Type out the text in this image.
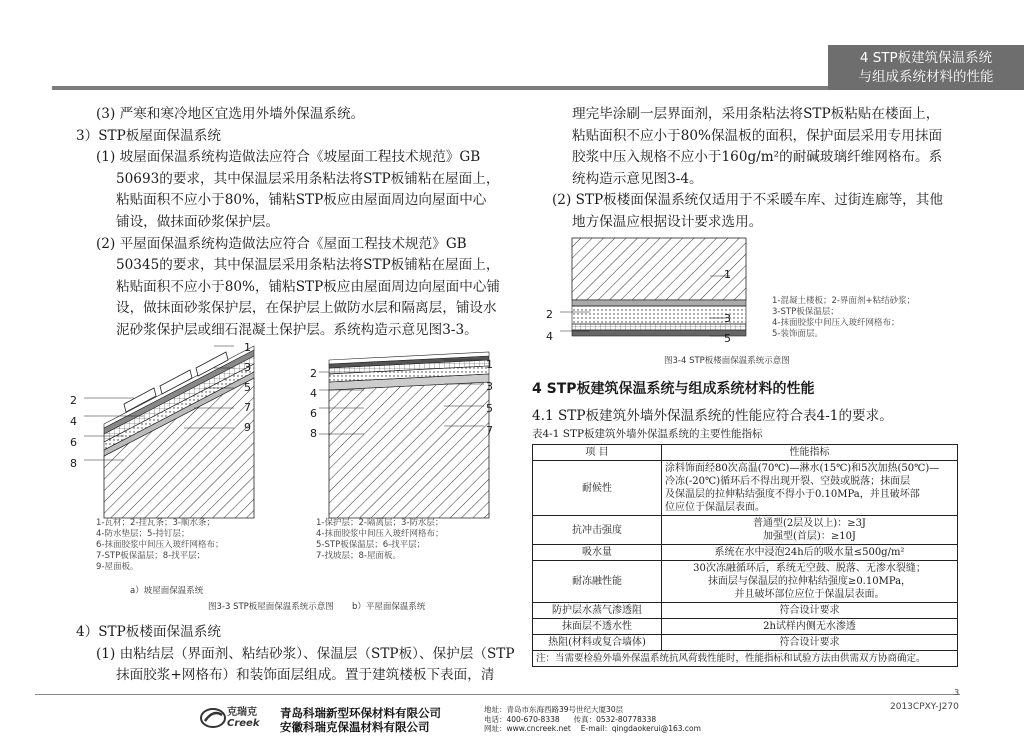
4 STP板建筑保温系统
与组成系统材料的性能

(3) 严寒和寒冷地区宜选用外墙外保温系统。

3）STP板屋面保温系统

(1) 坡屋面保温系统构造做法应符合《坡屋面工程技术规范》GB

50693的要求，其中保温层采用条粘法将STP板铺粘在屋面上，

粘贴面积不应小于80%，铺粘STP板应由屋面周边向屋面中心

铺设，做抹面砂浆保护层。

(2) 平屋面保温系统构造做法应符合《屋面工程技术规范》GB

50345的要求，其中保温层采用条粘法将STP板铺粘在屋面上，

粘贴面积不应小于80%，铺粘STP板应由屋面周边向屋面中心铺

设，做抹面砂浆保护层，在保护层上做防水层和隔离层，铺设水

泥砂浆保护层或细石混凝土保护层。系统构造示意见图3-3。

1
3
5
7
9
2
4
6
8
1
3
5
7
2
4
6
8
1-瓦材；2-挂瓦条；3-顺水条；
4-防水垫层；5-持钉层；
6-抹面胶浆中间压入玻纤网格布；
7-STP板保温层；8-找平层；
9-屋面板。
1-保护层；2-隔离层；3-防水层；
4-抹面胶浆中间压入玻纤网格布；
5-STP板保温层；6-找平层；
7-找坡层；8-屋面板。
a）坡屋面保温系统
b）平屋面保温系统
图3-3 STP板屋面保温系统示意图

4）STP板楼面保温系统

(1) 由粘结层（界面剂、粘结砂浆）、保温层（STP板）、保护层（STP

抹面胶浆+网格布）和装饰面层组成。置于建筑楼板下表面，清

理完毕涂刷一层界面剂，采用条粘法将STP板粘贴在楼面上，

粘贴面积不应小于80%保温板的面积，保护面层采用专用抹面

胶浆中压入规格不应小于160g/m²的耐碱玻璃纤维网格布。系

统构造示意见图3-4。

(2) STP板楼面保温系统仅适用于不采暖车库、过街连廊等，其他

地方保温应根据设计要求选用。

2
4
1
3
5
1-混凝土楼板；2-界面剂+粘结砂浆；
3-STP板保温层；
4-抹面胶浆中间压入玻纤网格布；
5-装饰面层。
图3-4 STP板楼面保温系统示意图
4 STP板建筑保温系统与组成系统材料的性能
4.1 STP板建筑外墙外保温系统的性能应符合表4-1的要求。
表4-1 STP板建筑外墙外保温系统的主要性能指标
项 目	性能指标
耐候性	涂料饰面经80次高温(70℃)—淋水(15℃)和5次加热(50℃)—
冷冻(-20℃)循环后不得出现开裂、空鼓或脱落；抹面层
及保温层的拉伸粘结强度不得小于0.10MPa，并且破坏部
位应位于保温层表面。

抗冲击强度	普通型(2层及以上)：≥3J
加强型(首层)：≥10J

吸水量	系统在水中浸泡24h后的吸水量≤500g/m²
耐冻融性能	30次冻融循环后，系统无空鼓、脱落、无渗水裂缝；
抹面层与保温层的拉伸粘结强度≥0.10MPa，
并且破坏部位应位于保温层表面。

防护层水蒸气渗透阻	符合设计要求
抹面层不透水性	2h试样内侧无水渗透
热阻(材料或复合墙体)	符合设计要求
注：当需要检验外墙外保温系统抗风荷载性能时，性能指标和试验方法由供需双方协商确定。	
3
2013CPXY-J270
克瑞克
Creek
青岛科瑞新型环保材料有限公司
安徽科瑞克保温材料有限公司
地址：青岛市东海西路39号世纪大厦30层
电话：400-670-8338 传真：0532-80778338
网址：www.cncreek.net E-mail：qingdaokerui@163.com
